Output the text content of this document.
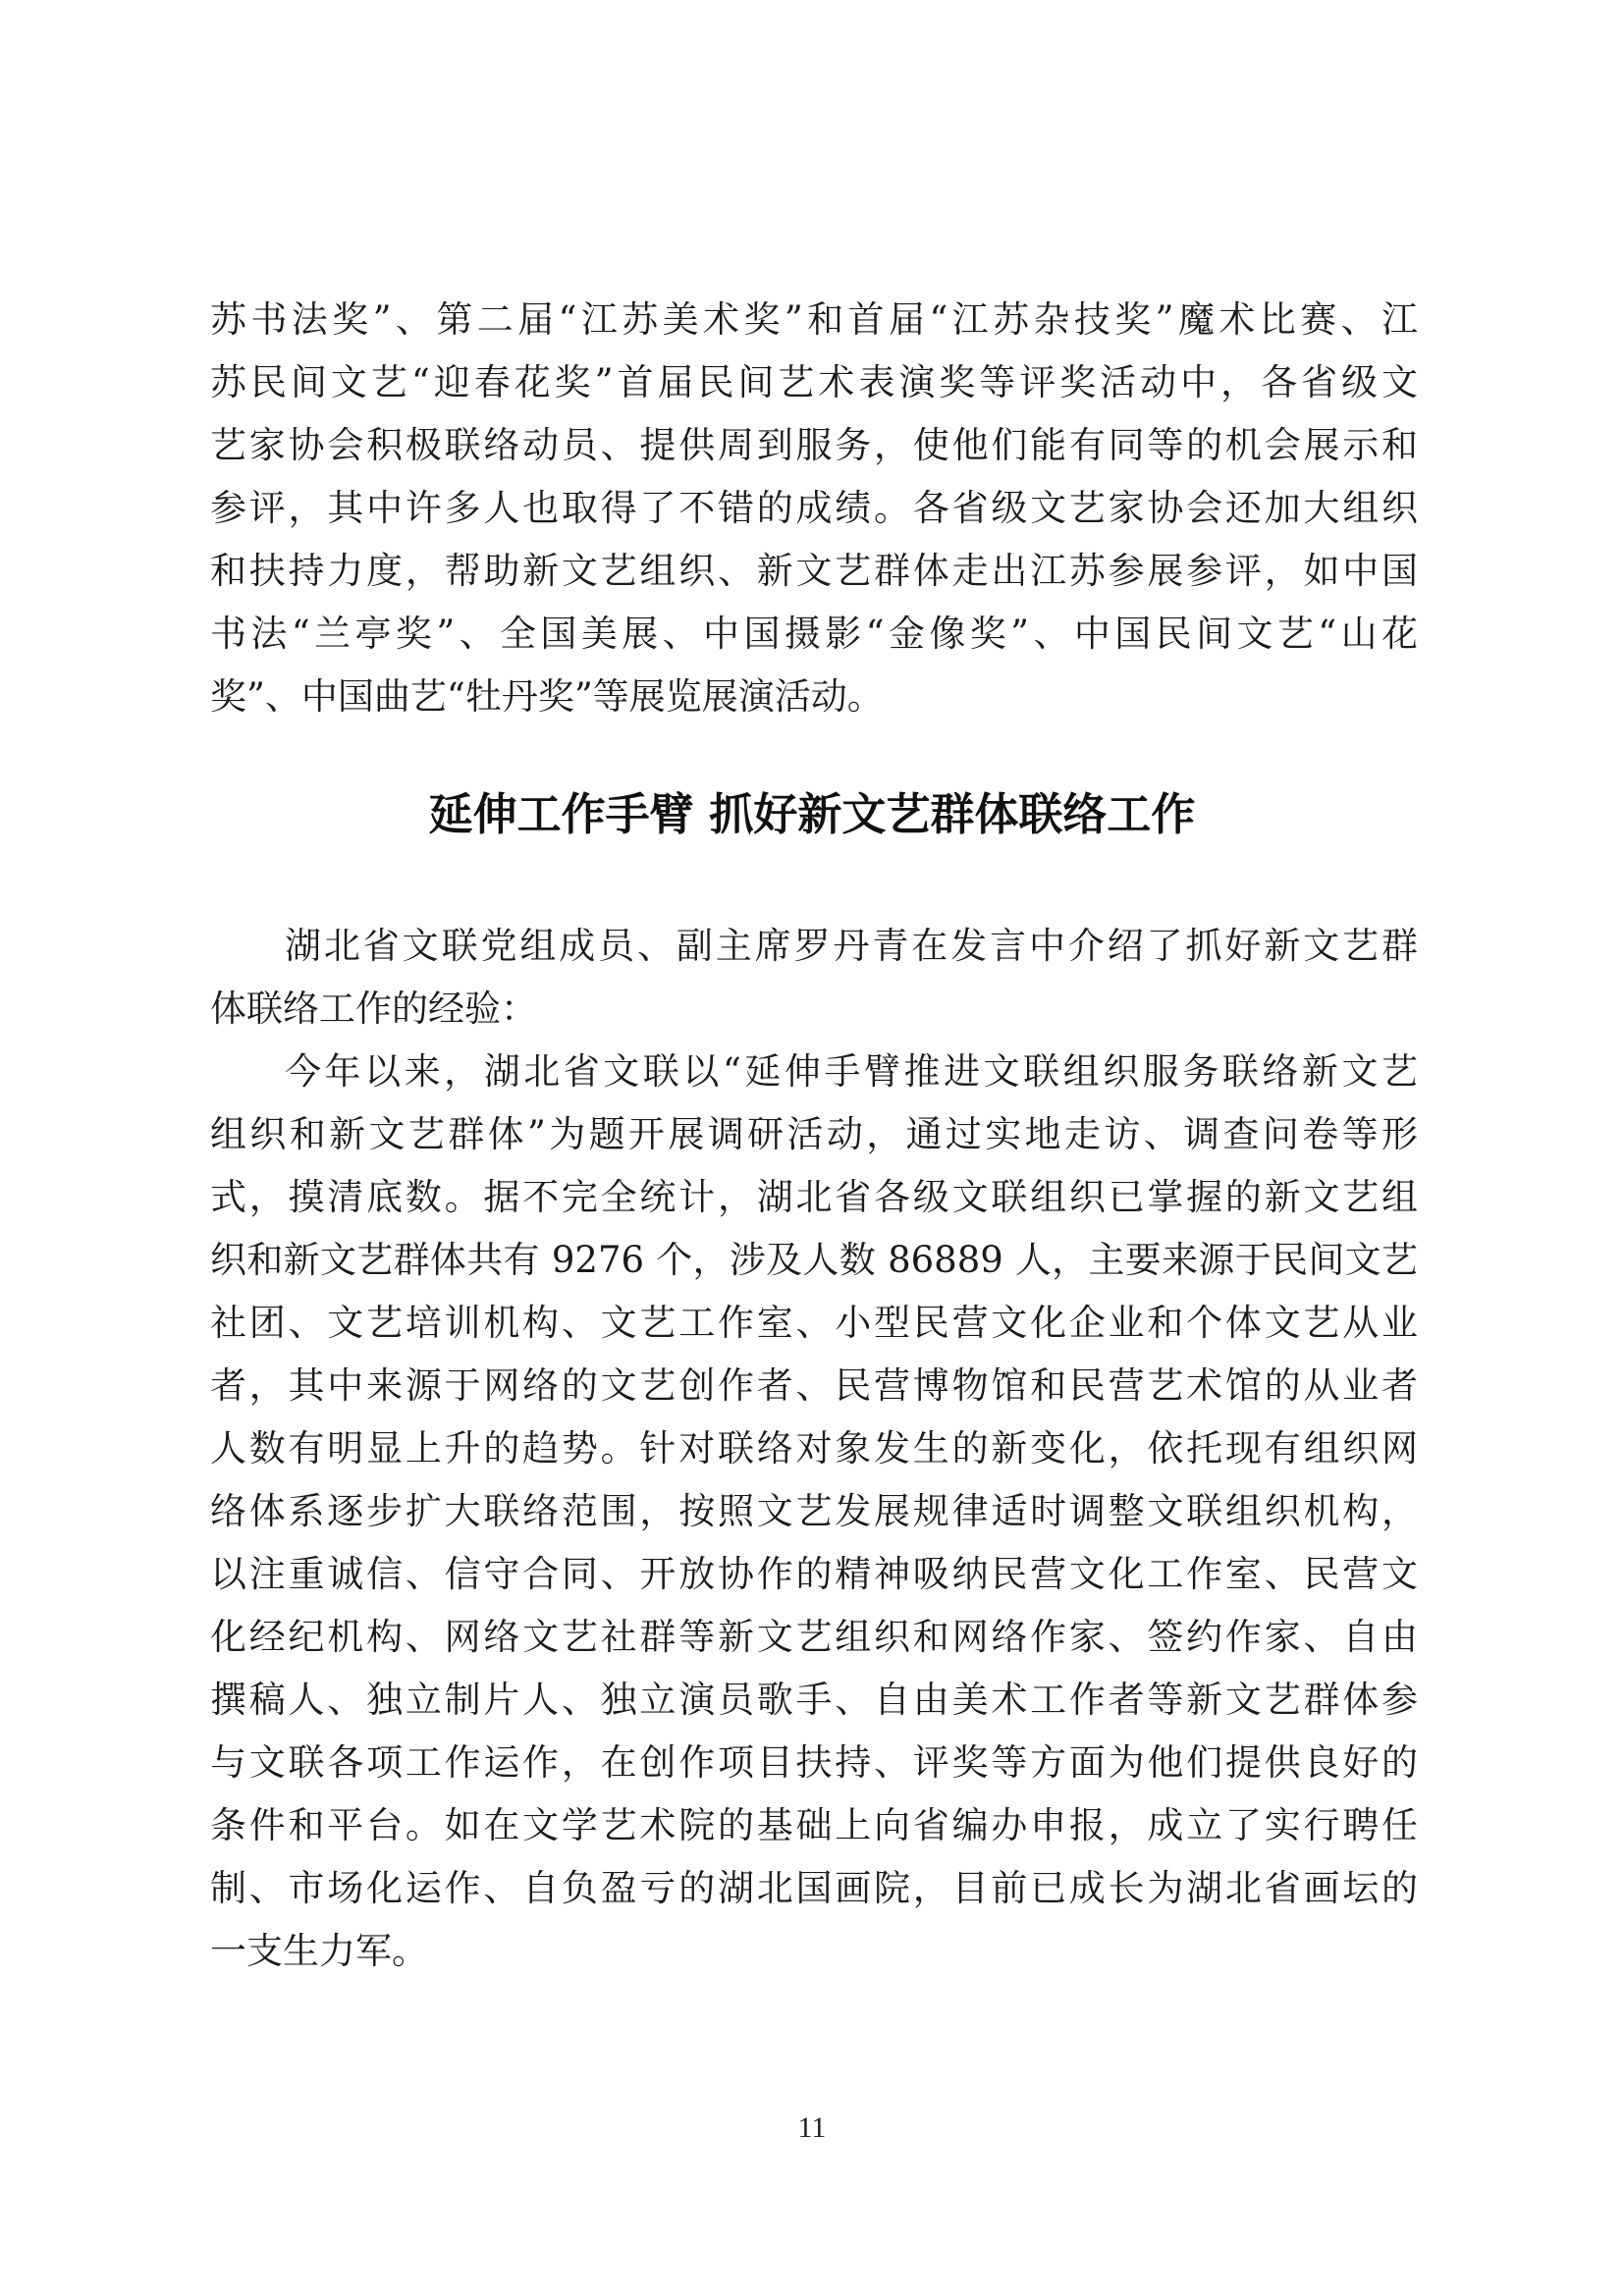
苏书法奖”、第二届“江苏美术奖”和首届“江苏杂技奖”魔术比赛、江
苏民间文艺“迎春花奖”首届民间艺术表演奖等评奖活动中，各省级文
艺家协会积极联络动员、提供周到服务，使他们能有同等的机会展示和
参评，其中许多人也取得了不错的成绩。各省级文艺家协会还加大组织
和扶持力度，帮助新文艺组织、新文艺群体走出江苏参展参评，如中国
书法“兰亭奖”、全国美展、中国摄影“金像奖”、中国民间文艺“山花
奖”、中国曲艺“牡丹奖”等展览展演活动。
延伸工作手臂 抓好新文艺群体联络工作
湖北省文联党组成员、副主席罗丹青在发言中介绍了抓好新文艺群
体联络工作的经验：
今年以来，湖北省文联以“延伸手臂推进文联组织服务联络新文艺
组织和新文艺群体”为题开展调研活动，通过实地走访、调查问卷等形
式，摸清底数。据不完全统计，湖北省各级文联组织已掌握的新文艺组
织和新文艺群体共有 9276 个，涉及人数 86889 人，主要来源于民间文艺
社团、文艺培训机构、文艺工作室、小型民营文化企业和个体文艺从业
者，其中来源于网络的文艺创作者、民营博物馆和民营艺术馆的从业者
人数有明显上升的趋势。针对联络对象发生的新变化，依托现有组织网
络体系逐步扩大联络范围，按照文艺发展规律适时调整文联组织机构，
以注重诚信、信守合同、开放协作的精神吸纳民营文化工作室、民营文
化经纪机构、网络文艺社群等新文艺组织和网络作家、签约作家、自由
撰稿人、独立制片人、独立演员歌手、自由美术工作者等新文艺群体参
与文联各项工作运作，在创作项目扶持、评奖等方面为他们提供良好的
条件和平台。如在文学艺术院的基础上向省编办申报，成立了实行聘任
制、市场化运作、自负盈亏的湖北国画院，目前已成长为湖北省画坛的
一支生力军。
11
